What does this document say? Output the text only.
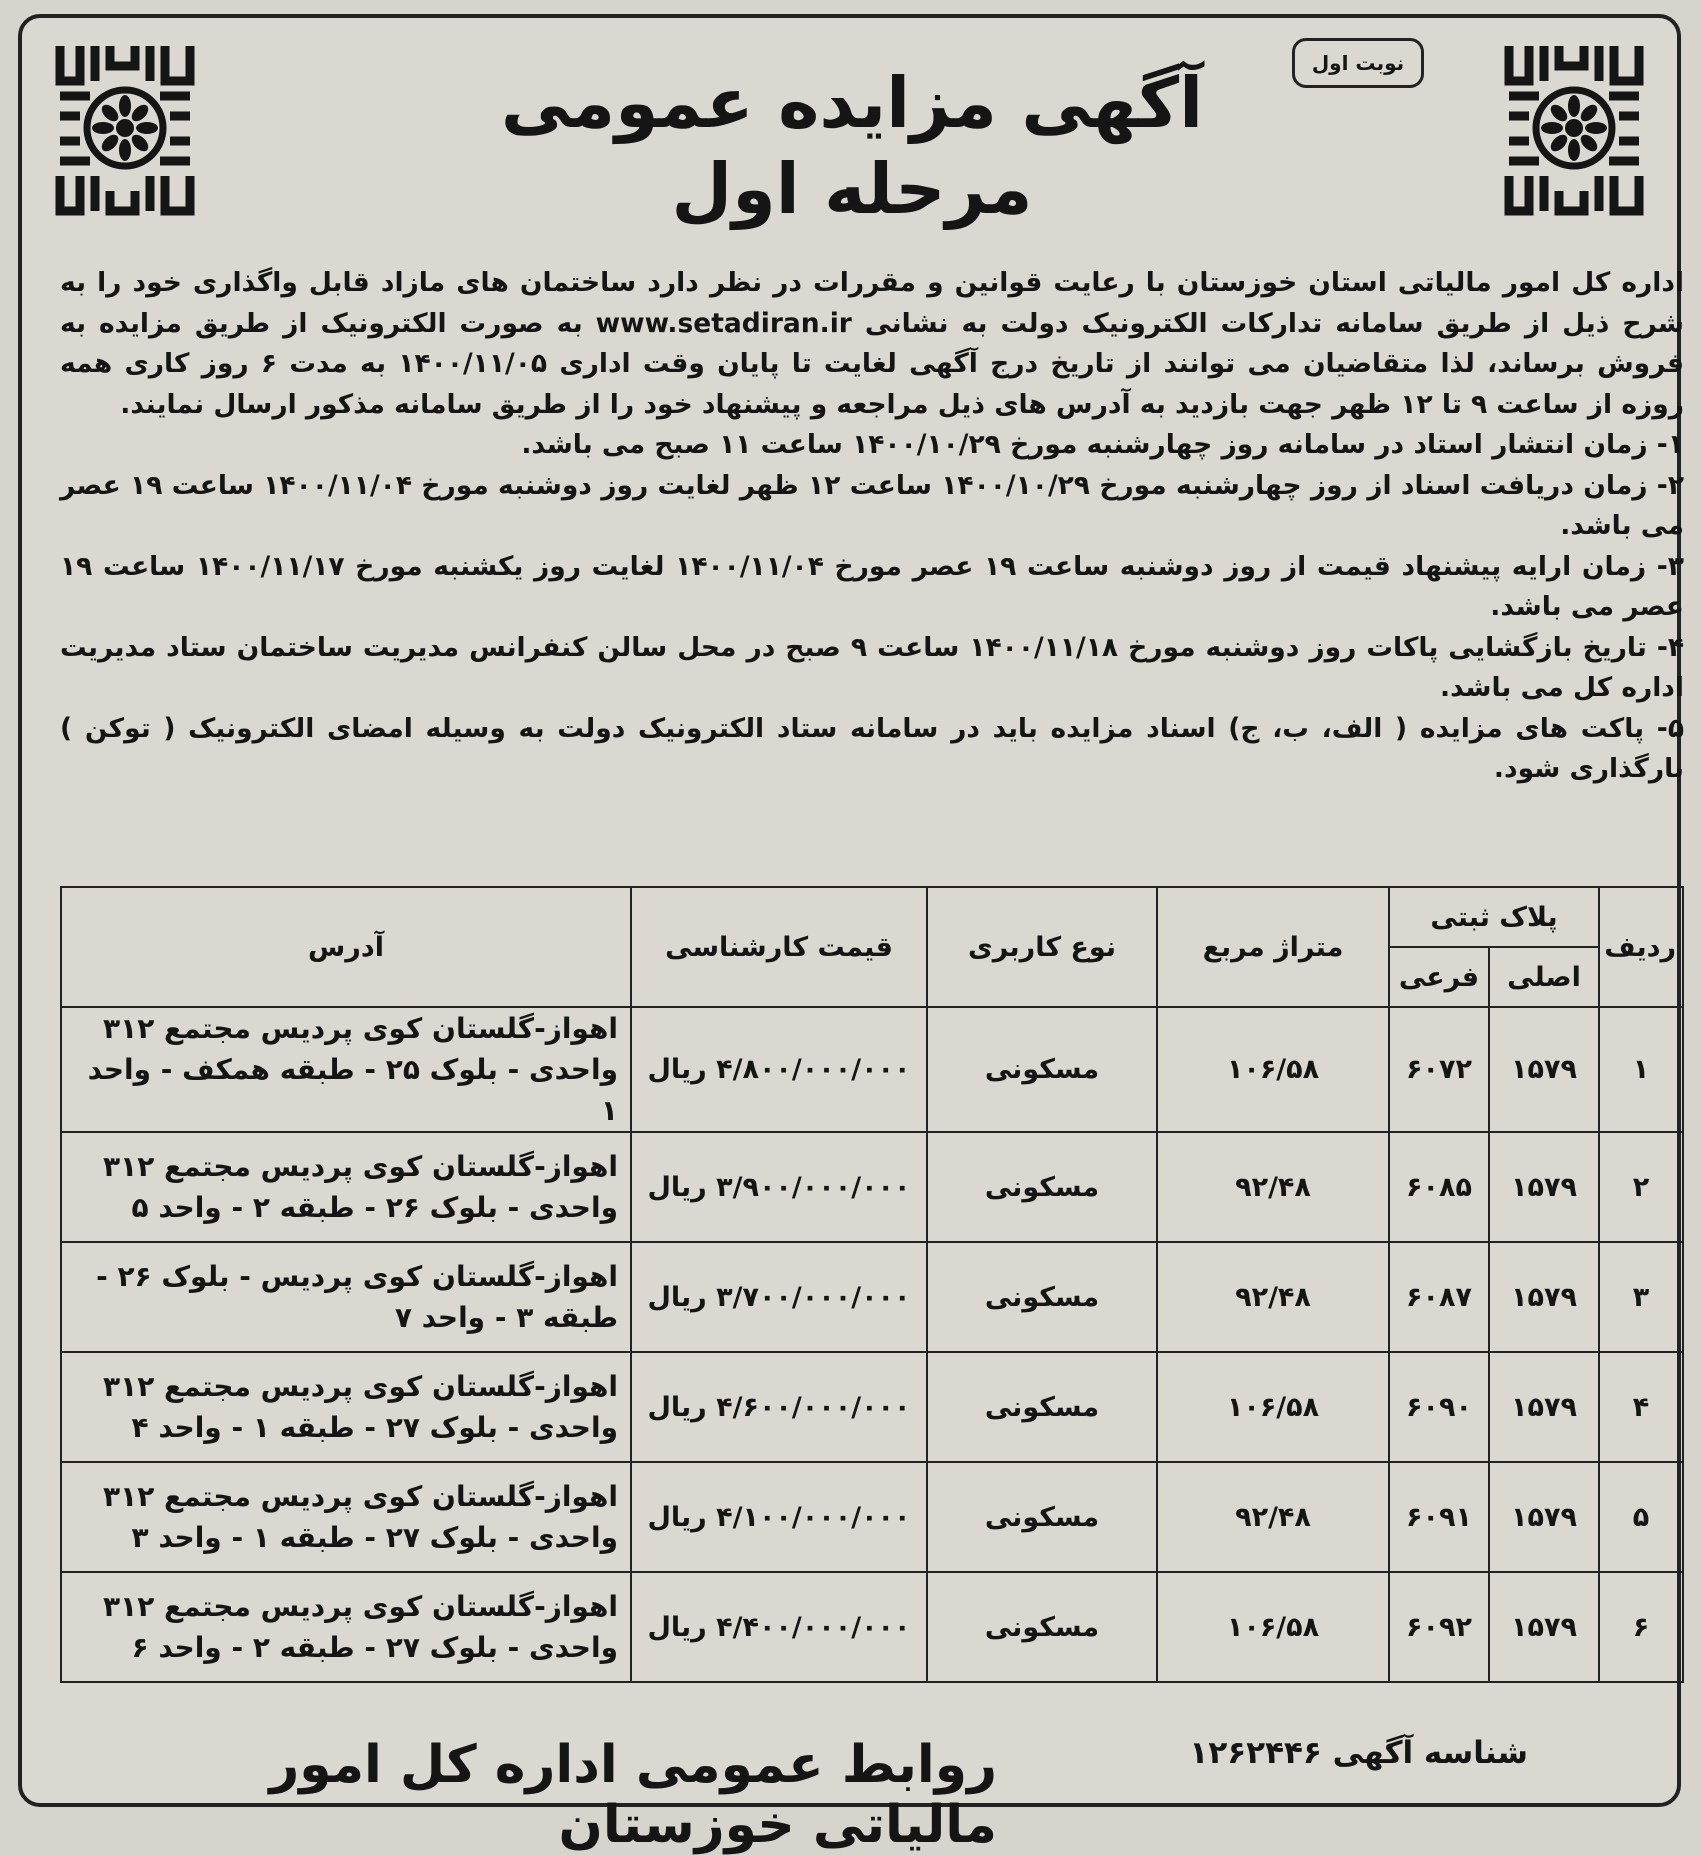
نوبت اول
آگهی مزایده عمومی
مرحله اول

اداره کل امور مالیاتی استان خوزستان با رعایت قوانین و مقررات در نظر دارد ساختمان های مازاد قابل واگذاری خود را به شرح ذیل از طریق سامانه تدارکات الکترونیک دولت به نشانی www.setadiran.ir به صورت الکترونیک از طریق مزایده به فروش برساند، لذا متقاضیان می توانند از تاریخ درج آگهی لغایت تا پایان وقت اداری ۱۴۰۰/۱۱/۰۵ به مدت ۶ روز کاری همه روزه از ساعت ۹ تا ۱۲ ظهر جهت بازدید به آدرس های ذیل مراجعه و پیشنهاد خود را از طریق سامانه مذکور ارسال نمایند.

۱- زمان انتشار استاد در سامانه روز چهارشنبه مورخ ۱۴۰۰/۱۰/۲۹ ساعت ۱۱ صبح می باشد.

۲- زمان دریافت اسناد از روز چهارشنبه مورخ ۱۴۰۰/۱۰/۲۹ ساعت ۱۲ ظهر لغایت روز دوشنبه مورخ ۱۴۰۰/۱۱/۰۴ ساعت ۱۹ عصر می باشد.

۳- زمان ارایه پیشنهاد قیمت از روز دوشنبه ساعت ۱۹ عصر مورخ ۱۴۰۰/۱۱/۰۴ لغایت روز یکشنبه مورخ ۱۴۰۰/۱۱/۱۷ ساعت ۱۹ عصر می باشد.

۴- تاریخ بازگشایی پاکات روز دوشنبه مورخ ۱۴۰۰/۱۱/۱۸ ساعت ۹ صبح در محل سالن کنفرانس مدیریت ساختمان ستاد مدیریت اداره کل می باشد.

۵- پاکت های مزایده ( الف، ب، ج) اسناد مزایده باید در سامانه ستاد الکترونیک دولت به وسیله امضای الکترونیک ( توکن ) بارگذاری شود.

ردیف	پلاک ثبتی		متراژ مربع	نوع کاربری	قیمت کارشناسی	آدرس
	اصلی	فرعی				
۱	۱۵۷۹	۶۰۷۲	۱۰۶/۵۸	مسکونی	۴/۸۰۰/۰۰۰/۰۰۰ ریال	اهواز-گلستان کوی پردیس مجتمع ۳۱۲ واحدی - بلوک ۲۵ - طبقه همکف - واحد ۱
۲	۱۵۷۹	۶۰۸۵	۹۲/۴۸	مسکونی	۳/۹۰۰/۰۰۰/۰۰۰ ریال	اهواز-گلستان کوی پردیس مجتمع ۳۱۲ واحدی - بلوک ۲۶ - طبقه ۲ - واحد ۵
۳	۱۵۷۹	۶۰۸۷	۹۲/۴۸	مسکونی	۳/۷۰۰/۰۰۰/۰۰۰ ریال	اهواز-گلستان کوی پردیس - بلوک ۲۶ - طبقه ۳ - واحد ۷
۴	۱۵۷۹	۶۰۹۰	۱۰۶/۵۸	مسکونی	۴/۶۰۰/۰۰۰/۰۰۰ ریال	اهواز-گلستان کوی پردیس مجتمع ۳۱۲ واحدی - بلوک ۲۷ - طبقه ۱ - واحد ۴
۵	۱۵۷۹	۶۰۹۱	۹۲/۴۸	مسکونی	۴/۱۰۰/۰۰۰/۰۰۰ ریال	اهواز-گلستان کوی پردیس مجتمع ۳۱۲ واحدی - بلوک ۲۷ - طبقه ۱ - واحد ۳
۶	۱۵۷۹	۶۰۹۲	۱۰۶/۵۸	مسکونی	۴/۴۰۰/۰۰۰/۰۰۰ ریال	اهواز-گلستان کوی پردیس مجتمع ۳۱۲ واحدی - بلوک ۲۷ - طبقه ۲ - واحد ۶

شناسه آگهی ۱۲۶۲۴۴۶

روابط عمومی اداره کل امور مالیاتی خوزستان
